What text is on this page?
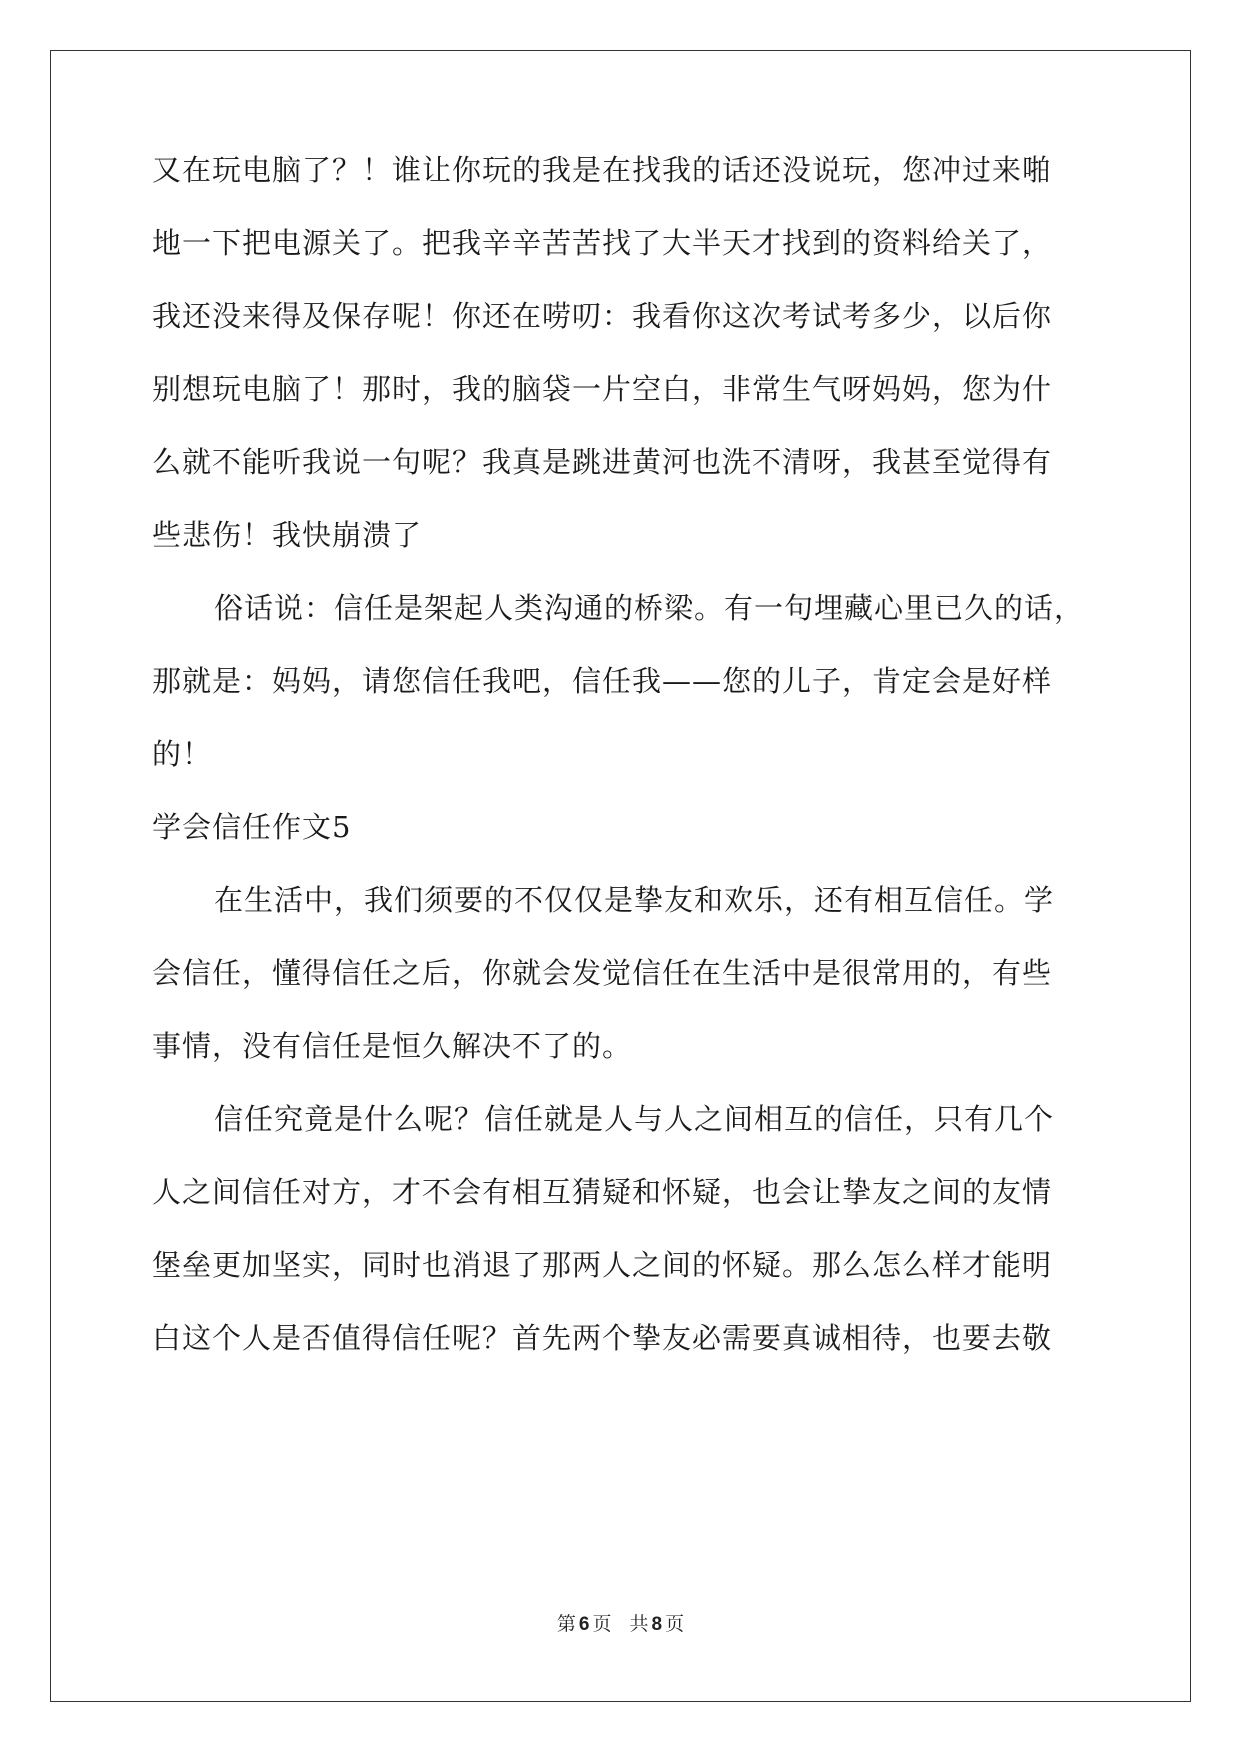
又在玩电脑了？！谁让你玩的我是在找我的话还没说玩，您冲过来啪
地一下把电源关了。把我辛辛苦苦找了大半天才找到的资料给关了，
我还没来得及保存呢！你还在唠叨：我看你这次考试考多少，以后你
别想玩电脑了！那时，我的脑袋一片空白，非常生气呀妈妈，您为什
么就不能听我说一句呢？我真是跳进黄河也洗不清呀，我甚至觉得有
些悲伤！我快崩溃了
俗话说：信任是架起人类沟通的桥梁。有一句埋藏心里已久的话，
那就是：妈妈，请您信任我吧，信任我——您的儿子，肯定会是好样
的！
学会信任作文5
在生活中，我们须要的不仅仅是挚友和欢乐，还有相互信任。学
会信任，懂得信任之后，你就会发觉信任在生活中是很常用的，有些
事情，没有信任是恒久解决不了的。
信任究竟是什么呢？信任就是人与人之间相互的信任，只有几个
人之间信任对方，才不会有相互猜疑和怀疑，也会让挚友之间的友情
堡垒更加坚实，同时也消退了那两人之间的怀疑。那么怎么样才能明
白这个人是否值得信任呢？首先两个挚友必需要真诚相待，也要去敬
第 6 页 共 8 页
